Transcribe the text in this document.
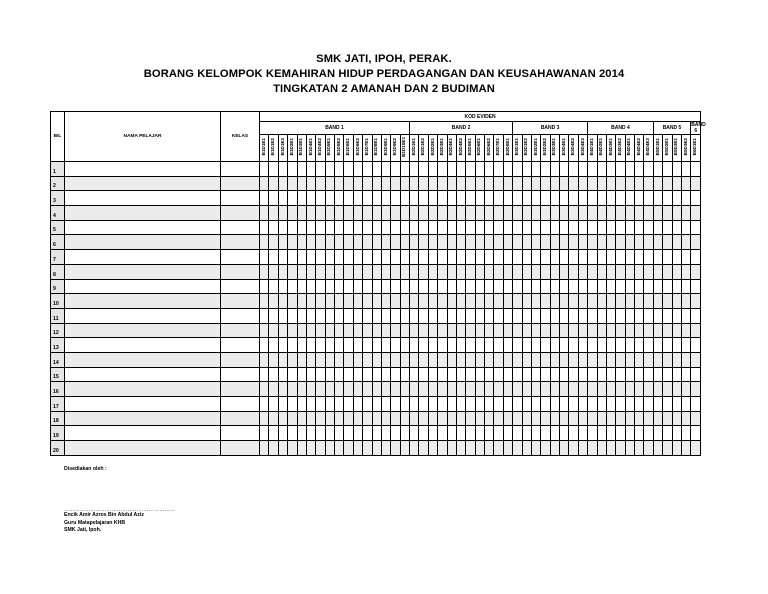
SMK JATI, IPOH, PERAK.
BORANG KELOMPOK KEMAHIRAN HIDUP PERDAGANGAN DAN KEUSAHAWANAN 2014
TINGKATAN 2 AMANAH DAN 2 BUDIMAN
BIL	NAMA PELAJAR	KELAS	KOD EVIDEN																																														
			BAND 1																BAND 2											BAND 3								BAND 4							BAND 5				BAND 6
			B1D1E1	B1D1E2	B1D1E3	B1D2E1	B1D3E1	B1D4E1	B1D4E2	B1D5E1	B1D5E2	B1D6E1	B1D6E2	B1D7E1	B1D8E1	B1D9E1	B1D9E2	B1D10E1	B2D1E1	B2D1E2	B2D2E1	B2D3E1	B2D4E1	B2D4E2	B2D5E1	B2D6E1	B2D6E2	B2D7E1	B2D8E1	B3D1E1	B3D1E2	B3D2E1	B3D2E2	B3D3E1	B3D4E1	B3D4E2	B3D4E3	B4D1E1	B4D2E1	B4D3E1	B4D3E2	B4D4E1	B4D4E2	B4D4E3	B5D1E1	B5D2E1	B5D3E1	B5D3E2	B6D1E1
1																																																	
2																																																	
3																																																	
4																																																	
5																																																	
6																																																	
7																																																	
8																																																	
9																																																	
10																																																	
11																																																	
12																																																	
13																																																	
14																																																	
15																																																	
16																																																	
17																																																	
18																																																	
19																																																	
20																																																	
Disediakan oleh :
………………………………………………………
Encik Amir Azros Bin Abdul Aziz
Guru Matapelajaran KHB
SMK Jati, Ipoh.
